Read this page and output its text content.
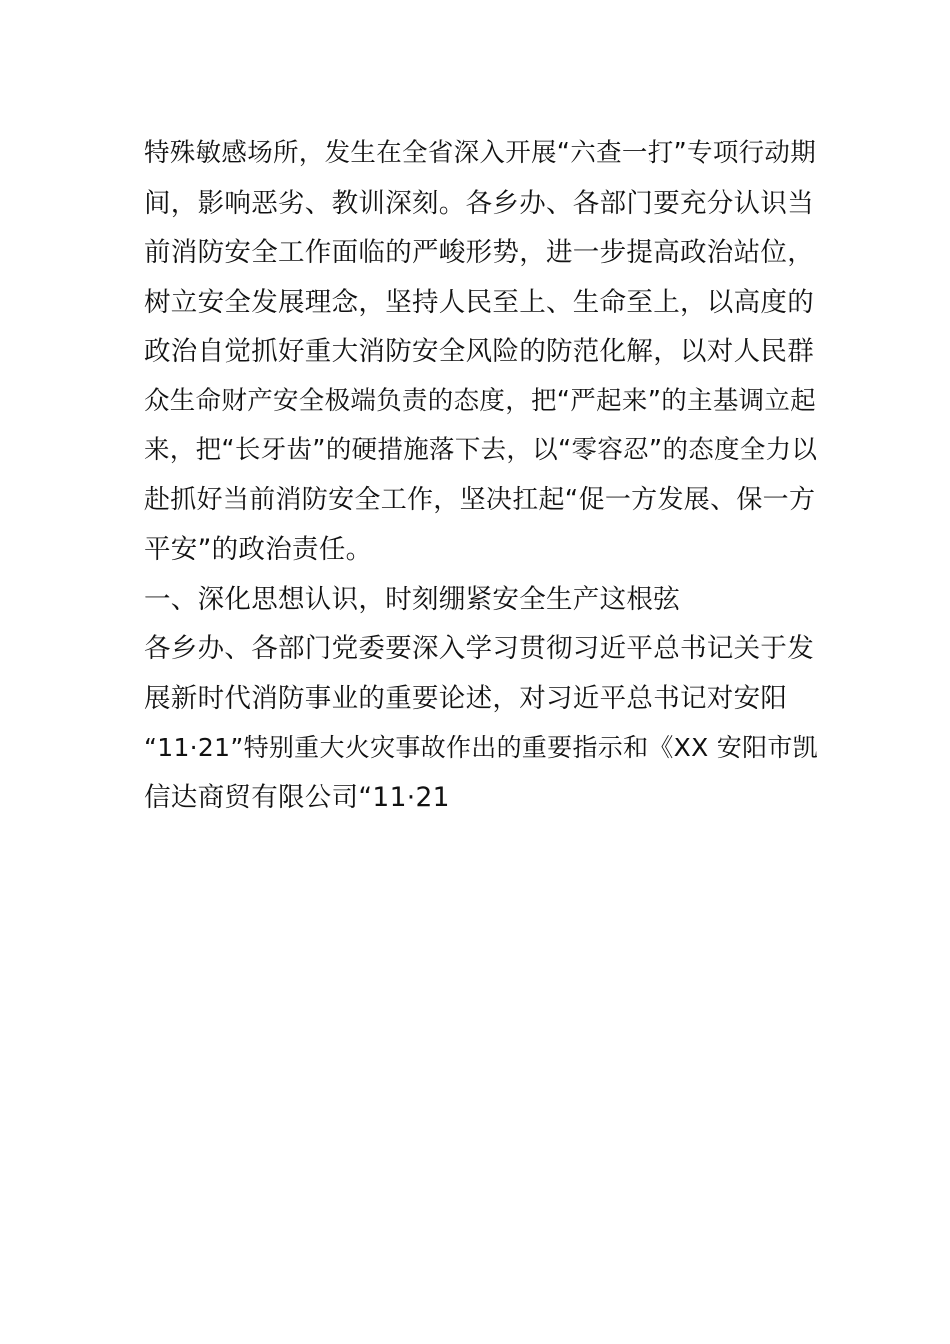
特殊敏感场所，发生在全省深入开展“六查一打”专项行动期
间，影响恶劣、教训深刻。各乡办、各部门要充分认识当
前消防安全工作面临的严峻形势，进一步提高政治站位，
树立安全发展理念，坚持人民至上、生命至上，以高度的
政治自觉抓好重大消防安全风险的防范化解，以对人民群
众生命财产安全极端负责的态度，把“严起来”的主基调立起
来，把“长牙齿”的硬措施落下去，以“零容忍”的态度全力以
赴抓好当前消防安全工作，坚决扛起“促一方发展、保一方
平安”的政治责任。
一、深化思想认识，时刻绷紧安全生产这根弦
各乡办、各部门党委要深入学习贯彻习近平总书记关于发
展新时代消防事业的重要论述，对习近平总书记对安阳
“11·21”特别重大火灾事故作出的重要指示和《XX 安阳市凯
信达商贸有限公司“11·21
